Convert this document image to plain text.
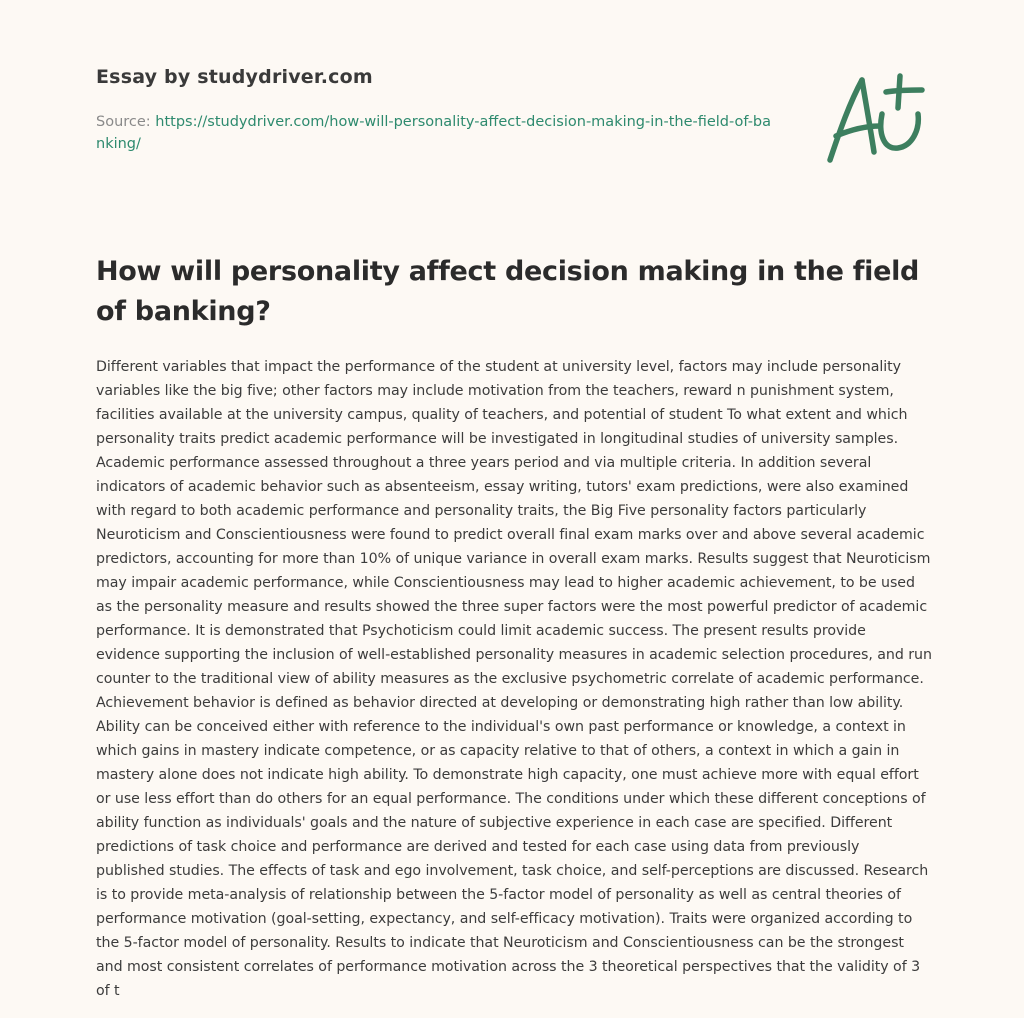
Essay by studydriver.com
Source: https://studydriver.com/how-will-personality-affect-decision-making-in-the-field-of-banking/
How will personality affect decision making in the field of banking?

Different variables that impact the performance of the student at university level, factors may include personality variables like the big five; other factors may include motivation from the teachers, reward n punishment system, facilities available at the university campus, quality of teachers, and potential of student To what extent and which personality traits predict academic performance will be investigated in longitudinal studies of university samples. Academic performance assessed throughout a three years period and via multiple criteria. In addition several indicators of academic behavior such as absenteeism, essay writing, tutors' exam predictions, were also examined with regard to both academic performance and personality traits, the Big Five personality factors particularly Neuroticism and Conscientiousness were found to predict overall final exam marks over and above several academic predictors, accounting for more than 10% of unique variance in overall exam marks. Results suggest that Neuroticism may impair academic performance, while Conscientiousness may lead to higher academic achievement, to be used as the personality measure and results showed the three super factors were the most powerful predictor of academic performance. It is demonstrated that Psychoticism could limit academic success. The present results provide evidence supporting the inclusion of well-established personality measures in academic selection procedures, and run counter to the traditional view of ability measures as the exclusive psychometric correlate of academic performance. Achievement behavior is defined as behavior directed at developing or demonstrating high rather than low ability. Ability can be conceived either with reference to the individual's own past performance or knowledge, a context in which gains in mastery indicate competence, or as capacity relative to that of others, a context in which a gain in mastery alone does not indicate high ability. To demonstrate high capacity, one must achieve more with equal effort or use less effort than do others for an equal performance. The conditions under which these different conceptions of ability function as individuals' goals and the nature of subjective experience in each case are specified. Different predictions of task choice and performance are derived and tested for each case using data from previously published studies. The effects of task and ego involvement, task choice, and self-perceptions are discussed. Research is to provide meta-analysis of relationship between the 5-factor model of personality as well as central theories of performance motivation (goal-setting, expectancy, and self-efficacy motivation). Traits were organized according to the 5-factor model of personality. Results to indicate that Neuroticism and Conscientiousness can be the strongest and most consistent correlates of performance motivation across the 3 theoretical perspectives that the validity of 3 of t
